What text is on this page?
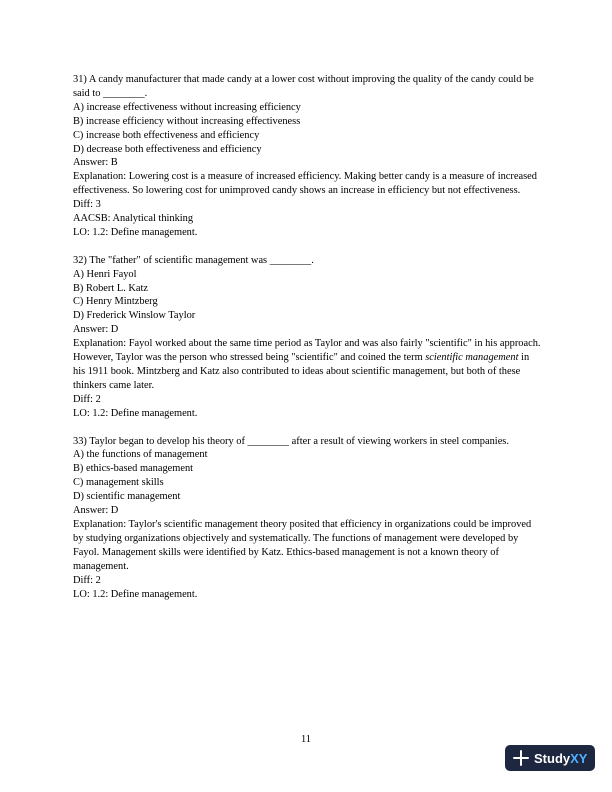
31) A candy manufacturer that made candy at a lower cost without improving the quality of the candy could be said to ________.
A) increase effectiveness without increasing efficiency
B) increase efficiency without increasing effectiveness
C) increase both effectiveness and efficiency
D) decrease both effectiveness and efficiency
Answer: B
Explanation: Lowering cost is a measure of increased efficiency. Making better candy is a measure of increased effectiveness. So lowering cost for unimproved candy shows an increase in efficiency but not effectiveness.
Diff: 3
AACSB: Analytical thinking
LO: 1.2: Define management.
32) The "father" of scientific management was ________.
A) Henri Fayol
B) Robert L. Katz
C) Henry Mintzberg
D) Frederick Winslow Taylor
Answer: D
Explanation: Fayol worked about the same time period as Taylor and was also fairly "scientific" in his approach. However, Taylor was the person who stressed being "scientific" and coined the term scientific management in his 1911 book. Mintzberg and Katz also contributed to ideas about scientific management, but both of these thinkers came later.
Diff: 2
LO: 1.2: Define management.
33) Taylor began to develop his theory of ________ after a result of viewing workers in steel companies.
A) the functions of management
B) ethics-based management
C) management skills
D) scientific management
Answer: D
Explanation: Taylor's scientific management theory posited that efficiency in organizations could be improved by studying organizations objectively and systematically. The functions of management were developed by Fayol. Management skills were identified by Katz. Ethics-based management is not a known theory of management.
Diff: 2
LO: 1.2: Define management.
11
Study XY
